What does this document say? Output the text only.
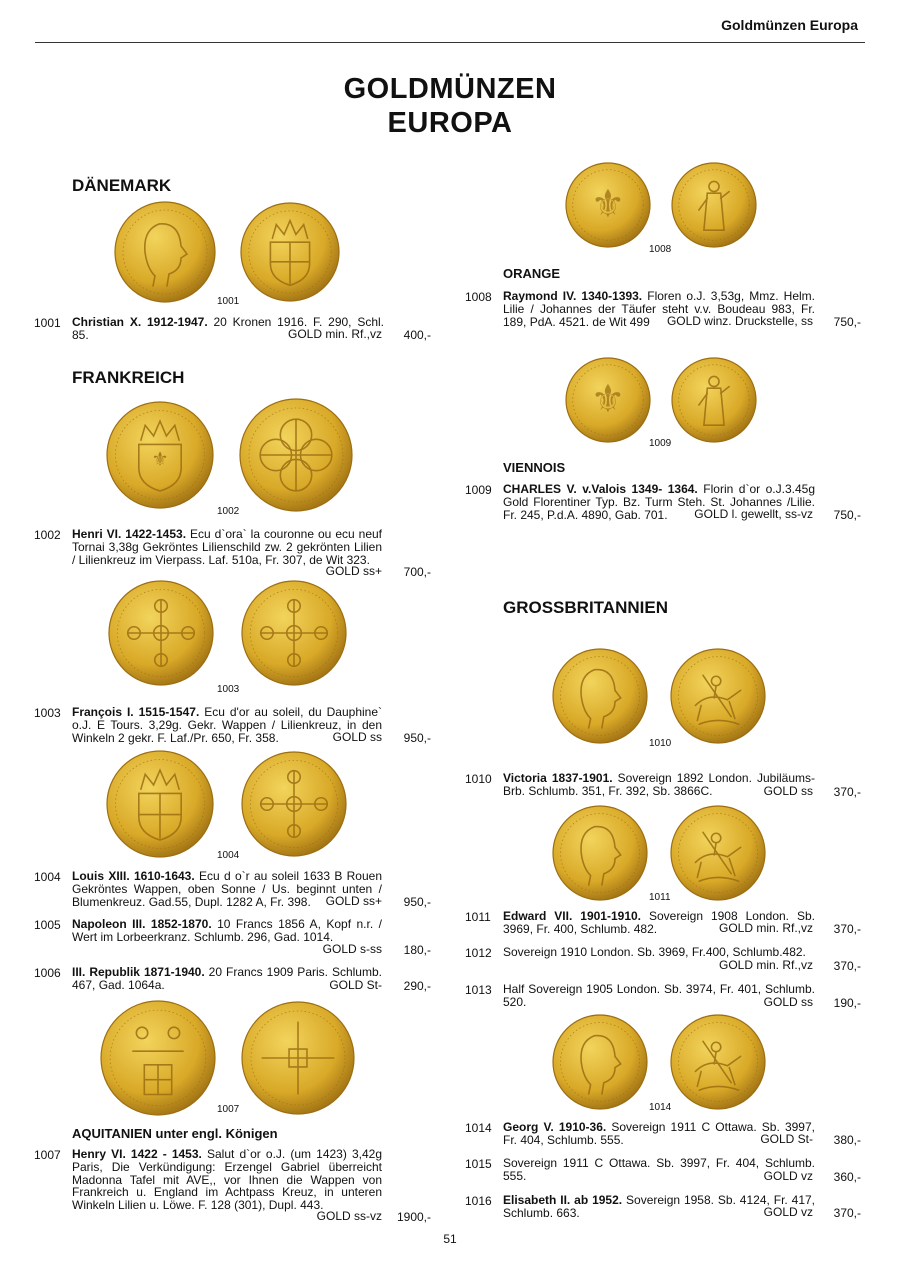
Goldmünzen Europa
GOLDMÜNZEN
EUROPA
DÄNEMARK
1001
1001 Christian X. 1912-1947. 20 Kronen 1916. F. 290, Schl. 85.	GOLD min. Rf.,vz	400,-
FRANKREICH
⚜
1002
1002 Henri VI. 1422-1453. Ecu d`ora` la couronne ou ecu neuf Tornai 3,38g Gekröntes Lilienschild zw. 2 gekrönten Lilien / Lilienkreuz im Vierpass. Laf. 510a, Fr. 307, de Wit 323.
GOLD ss+	700,-
1003
1003 François I. 1515-1547. Ecu d'or au soleil, du Dauphine` o.J. E Tours. 3,29g. Gekr. Wappen / Lilienkreuz, in den Winkeln 2 gekr. F. Laf./Pr. 650, Fr. 358.	GOLD ss	950,-
1004
1004 Louis XIII. 1610-1643. Ecu d o`r au soleil 1633 B Rouen Gekröntes Wappen, oben Sonne / Us. beginnt unten / Blumenkreuz. Gad.55, Dupl. 1282 A, Fr. 398.	GOLD ss+	950,-
1005 Napoleon III. 1852-1870. 10 Francs 1856 A, Kopf n.r. / Wert im Lorbeerkranz. Schlumb. 296, Gad. 1014.
GOLD s-ss	180,-
1006 III. Republik 1871-1940. 20 Francs 1909 Paris. Schlumb. 467, Gad. 1064a.	GOLD St-	290,-
1007
AQUITANIEN unter engl. Königen
1007 Henry VI. 1422 - 1453. Salut d`or o.J. (um 1423) 3,42g Paris, Die Verkündigung: Erzengel Gabriel überreicht Madonna Tafel mit AVE,, vor Ihnen die Wappen von Frankreich u. England im Achtpass Kreuz, in unteren Winkeln Lilien u. Löwe. F. 128 (301), Dupl. 443.
GOLD ss-vz	1900,-
⚜
1008
ORANGE
1008 Raymond IV. 1340-1393. Floren o.J. 3,53g, Mmz. Helm. Lilie / Johannes der Täufer steht v.v. Boudeau 983, Fr. 189, PdA. 4521. de Wit 499	GOLD winz. Druckstelle, ss	750,-
⚜
1009
VIENNOIS
1009 CHARLES V. v.Valois 1349- 1364. Florin d`or o.J.3.45g Gold Florentiner Typ. Bz. Turm Steh. St. Johannes /Lilie. Fr. 245, P.d.A. 4890, Gab. 701.	GOLD l. gewellt, ss-vz	750,-
GROSSBRITANNIEN
1010
1010 Victoria 1837-1901. Sovereign 1892 London. Jubiläums-Brb. Schlumb. 351, Fr. 392, Sb. 3866C.	GOLD ss	370,-
1011
1011 Edward VII. 1901-1910. Sovereign 1908 London. Sb. 3969, Fr. 400, Schlumb. 482.	GOLD min. Rf.,vz	370,-
1012 Sovereign 1910 London. Sb. 3969, Fr.400, Schlumb.482.
GOLD min. Rf.,vz	370,-
1013 Half Sovereign 1905 London. Sb. 3974, Fr. 401, Schlumb. 520.	GOLD ss	190,-
1014
1014 Georg V. 1910-36. Sovereign 1911 C Ottawa. Sb. 3997, Fr. 404, Schlumb. 555.	GOLD St-	380,-
1015 Sovereign 1911 C Ottawa. Sb. 3997, Fr. 404, Schlumb. 555.	GOLD vz	360,-
1016 Elisabeth II. ab 1952. Sovereign 1958. Sb. 4124, Fr. 417, Schlumb. 663.	GOLD vz	370,-
51
